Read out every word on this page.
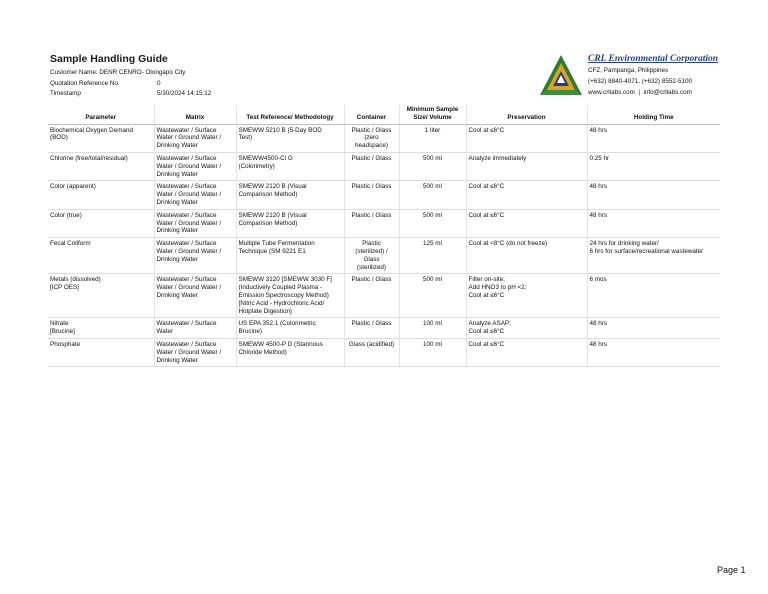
Sample Handling Guide
Customer Name:
DENR CENRO- Olongapo City
Quotation Reference No.	0
Timestamp	5/30/2024 14:15:12
CRL Environmental Corporation
CFZ, Pampanga, Philippines
(+632) 8840-4071, (+632) 8552-5100
www.crllabs.com  |  info@crllabs.com
Parameter	Matrix	Test Reference/ Methodology	Container	Minimum Sample
Size/ Volume	Preservation	Holding Time
Biochemical Oxygen Demand
(BOD)	Wastewater / Surface
Water / Ground Water /
Drinking Water	SMEWW 5210 B (5-Day BOD
Test)	Plastic / Glass
(zero
headspace)	1 liter	Cool at ≤6°C	48 hrs
Chlorine (free/total/residual)	Wastewater / Surface
Water / Ground Water /
Drinking Water	SMEWW4500-Cl G
(Colorimetry)	Plastic / Glass	500 ml	Analyze immediately	0.25 hr
Color (apparent)	Wastewater / Surface
Water / Ground Water /
Drinking Water	SMEWW 2120 B (Visual
Comparison Method)	Plastic / Glass	500 ml	Cool at ≤6°C	48 hrs
Color (true)	Wastewater / Surface
Water / Ground Water /
Drinking Water	SMEWW 2120 B (Visual
Comparison Method)	Plastic / Glass	500 ml	Cool at ≤6°C	48 hrs
Fecal Coliform	Wastewater / Surface
Water / Ground Water /
Drinking Water	Multiple Tube Fermentation
Technique (SM 9221 E1	Plastic
(sterilized) /
Glass
(sterilized)	125 ml	Cool at <8°C (do not freeze)	24 hrs for drinking water/
6 hrs for surface/recreational wastewater
Metals (dissolved)
[ICP OES]	Wastewater / Surface
Water / Ground Water /
Drinking Water	SMEWW 3120 [SMEWW 3030 F]
(Inductively Coupled Plasma -
Emission Spectroscopy Method)
[Nitric Acid - Hydrochloric Acid/
Hotplate Digestion]	Plastic / Glass	500 ml	Filter on-site;
Add HNO3 to pH <2;
Cool at ≤6°C	6 mos
Nitrate
[Brucine]	Wastewater / Surface
Water	US EPA 352.1 (Colorimetric
Brucine)	Plastic / Glass	100 ml	Analyze ASAP;
Cool at ≤6°C	48 hrs
Phosphate	Wastewater / Surface
Water / Ground Water /
Drinking Water	SMEWW 4500-P D (Stannous
Chloride Method)	Glass (acidified)	100 ml	Cool at ≤6°C	48 hrs
Page 1
